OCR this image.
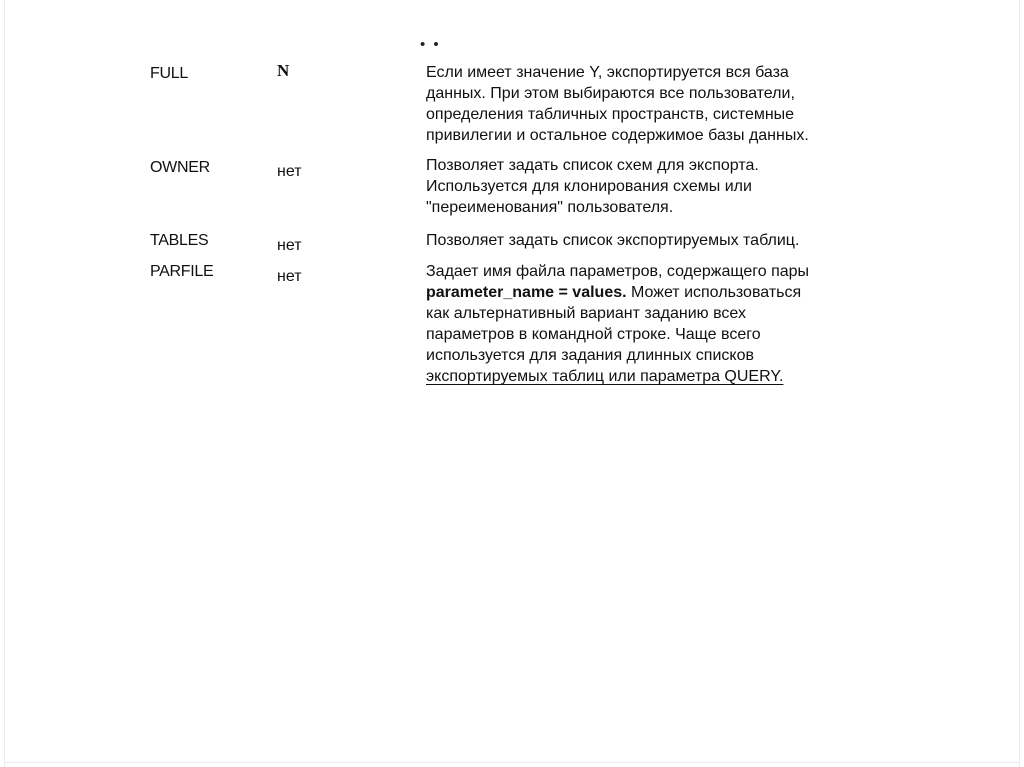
• •
FULL	N	Если имеет значение Y, экспортируется вся база
данных. При этом выбираются все пользователи,
определения табличных пространств, системные
привилегии и остальное содержимое базы данных.
OWNER	нет	Позволяет задать список схем для экспорта.
Используется для клонирования схемы или
"переименования" пользователя.
TABLES	нет	Позволяет задать список экспортируемых таблиц.
PARFILE	нет	Задает имя файла параметров, содержащего пары
parameter_name = values. Может использоваться
как альтернативный вариант заданию всех
параметров в командной строке. Чаще всего
используется для задания длинных списков
экспортируемых таблиц или параметра QUERY.
